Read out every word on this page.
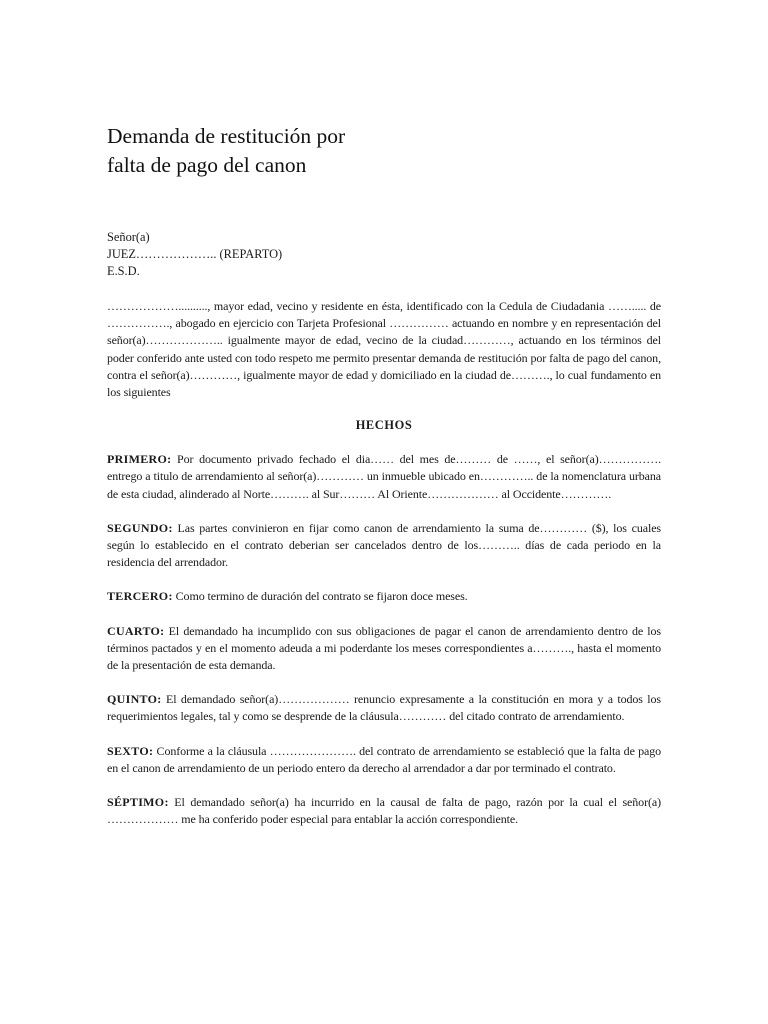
Demanda de restitución por
falta de pago del canon
Señor(a)
JUEZ……………….. (REPARTO)
E.S.D.

……………….........., mayor edad, vecino y residente en ésta, identificado con la Cedula de Ciudadania ……..... de ……………., abogado en ejercicio con Tarjeta Profesional …………… actuando en nombre y en representación del señor(a)……………….. igualmente mayor de edad, vecino de la ciudad…………, actuando en los términos del poder conferido ante usted con todo respeto me permito presentar demanda de restitución por falta de pago del canon, contra el señor(a)…………, igualmente mayor de edad y domiciliado en la ciudad de………., lo cual fundamento en los siguientes

HECHOS

PRIMERO: Por documento privado fechado el dia…… del mes de……… de ……, el señor(a)……………. entrego a titulo de arrendamiento al señor(a)………… un inmueble ubicado en………….. de la nomenclatura urbana de esta ciudad, alinderado al Norte………. al Sur……… Al Oriente……………… al Occidente………….

SEGUNDO: Las partes convinieron en fijar como canon de arrendamiento la suma de………… ($), los cuales según lo establecido en el contrato deberian ser cancelados dentro de los……….. días de cada periodo en la residencia del arrendador.

TERCERO: Como termino de duración del contrato se fijaron doce meses.

CUARTO: El demandado ha incumplido con sus obligaciones de pagar el canon de arrendamiento dentro de los términos pactados y en el momento adeuda a mi poderdante los meses correspondientes a………., hasta el momento de la presentación de esta demanda.

QUINTO: El demandado señor(a)……………… renuncio expresamente a la constitución en mora y a todos los requerimientos legales, tal y como se desprende de la cláusula………… del citado contrato de arrendamiento.

SEXTO: Conforme a la cláusula …………………. del contrato de arrendamiento se estableció que la falta de pago en el canon de arrendamiento de un periodo entero da derecho al arrendador a dar por terminado el contrato.

SÉPTIMO: El demandado señor(a) ha incurrido en la causal de falta de pago, razón por la cual el señor(a) ……………… me ha conferido poder especial para entablar la acción correspondiente.
